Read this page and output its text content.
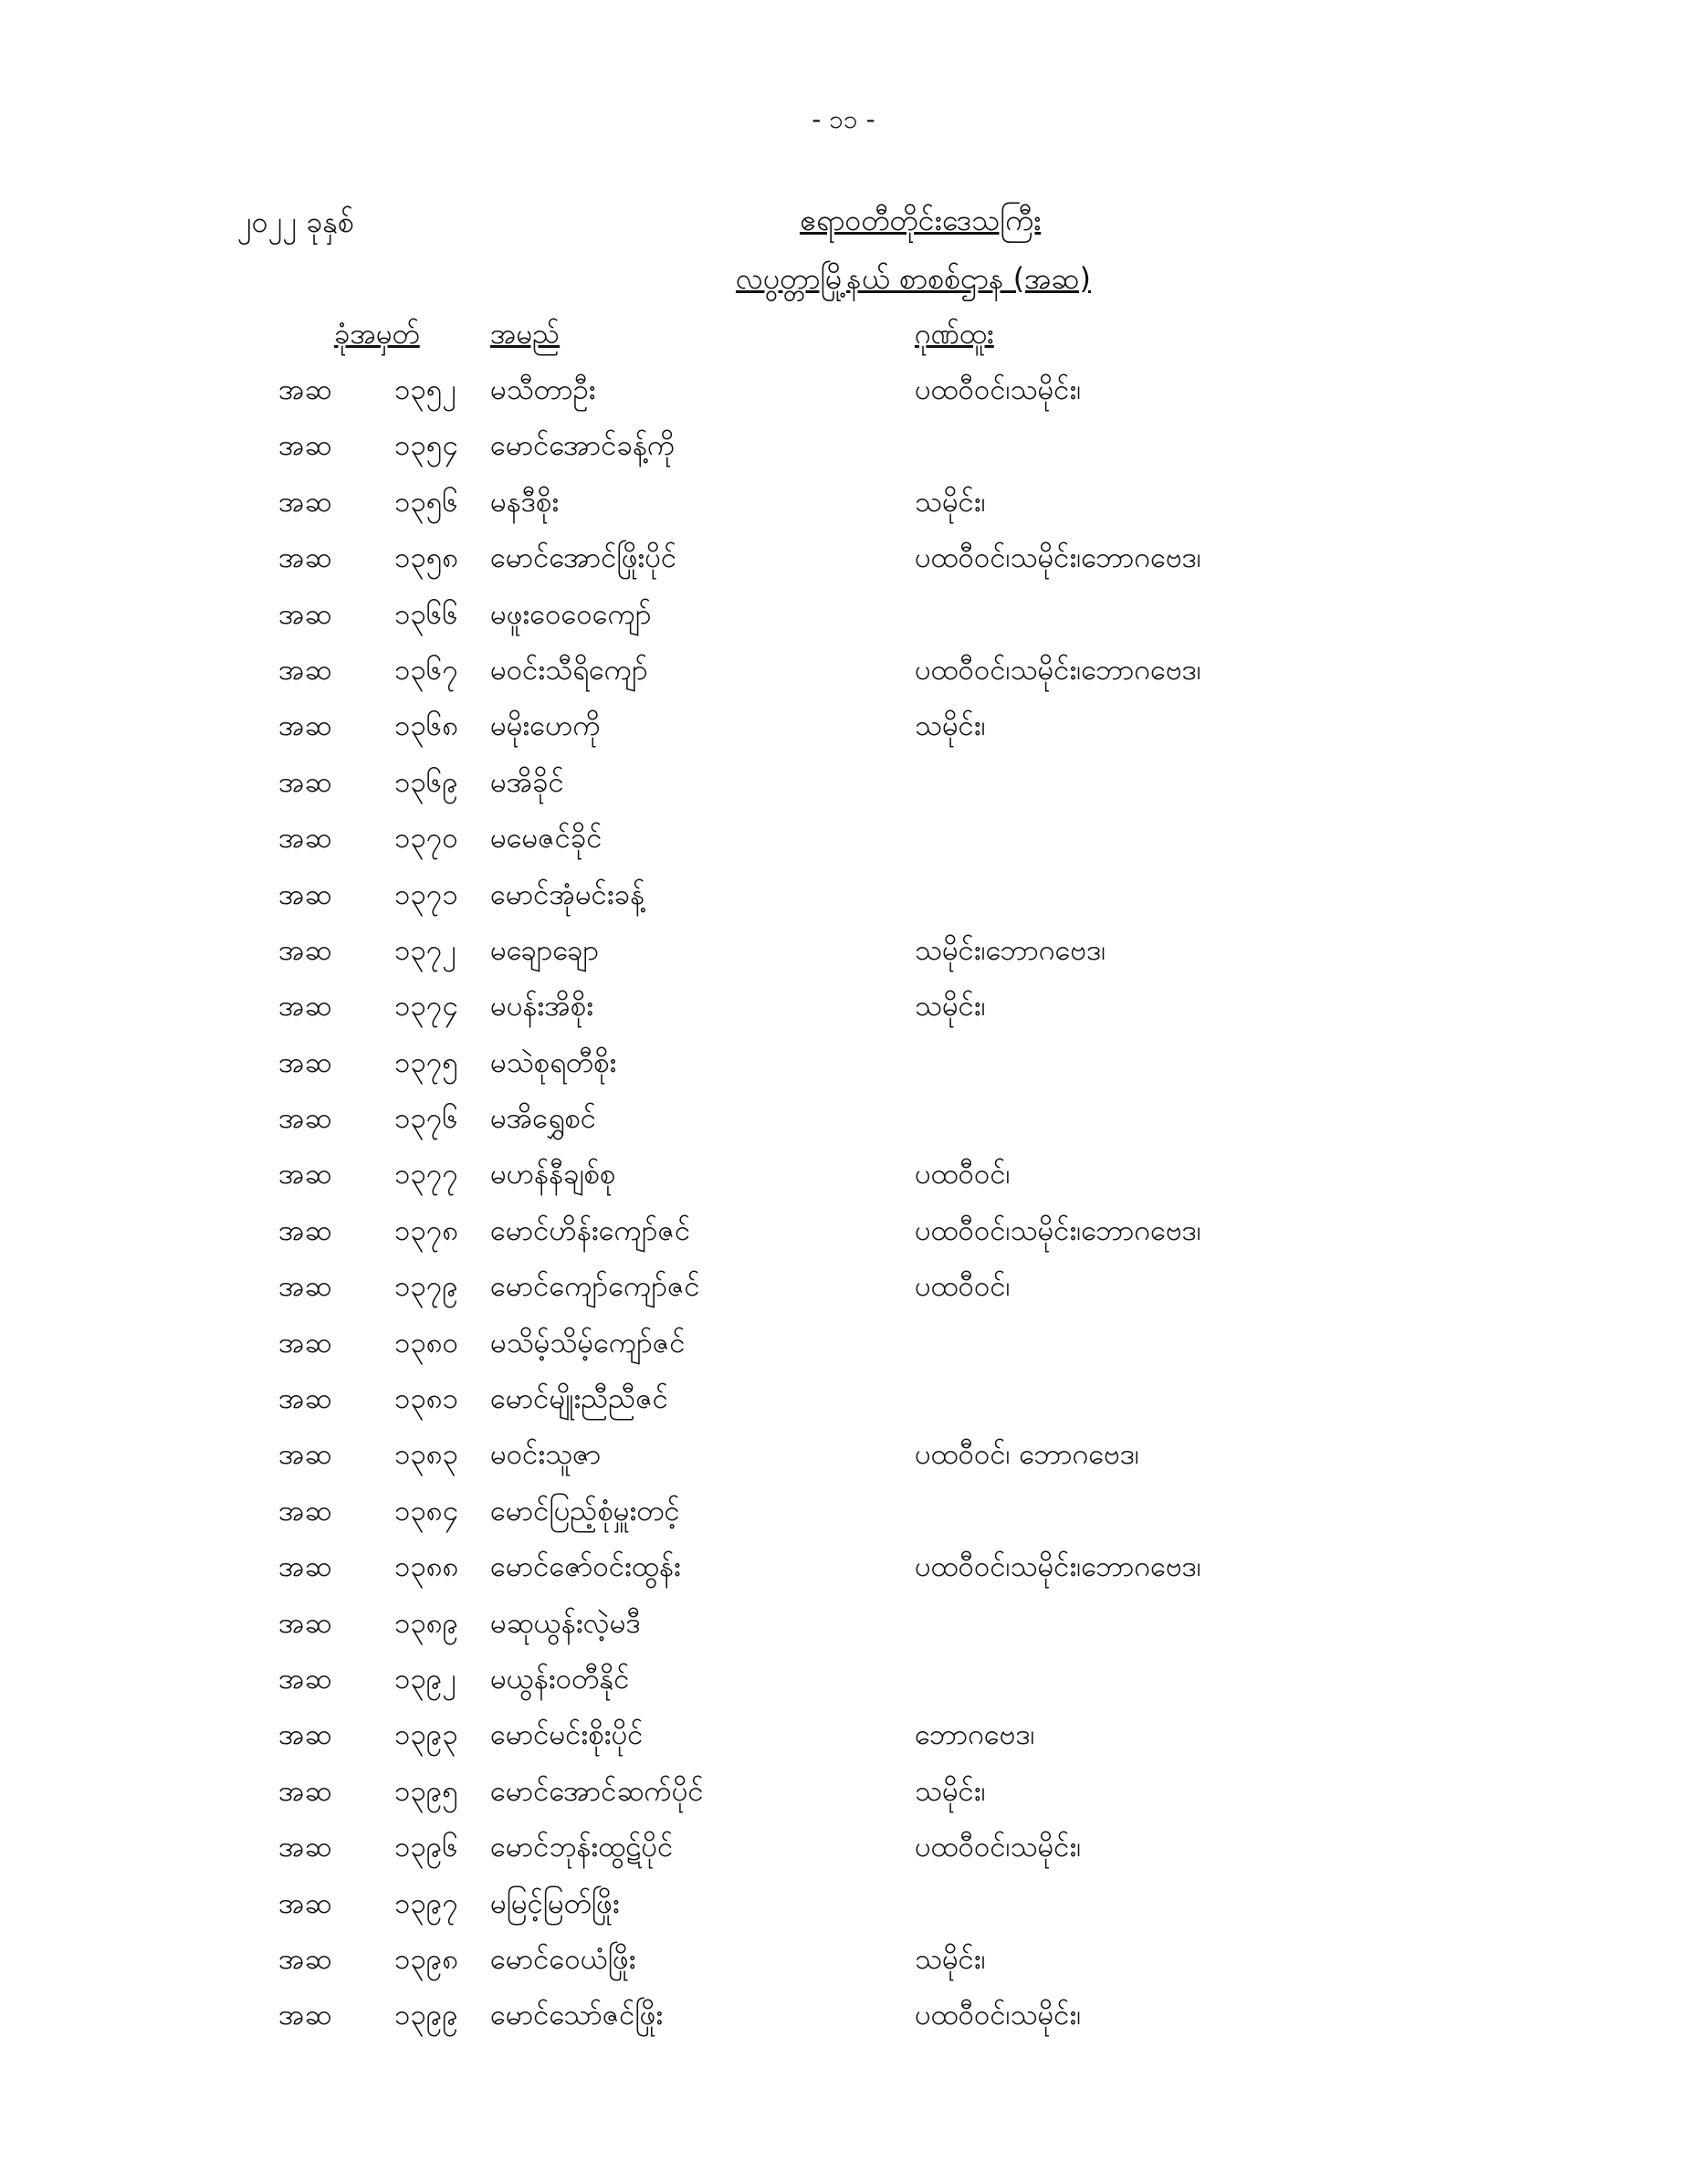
- ၁၁ -
၂၀၂၂ ခုနှစ်	ဧရာဝတီတိုင်းဒေသကြီး
လပွတ္တာမြို့နယ် စာစစ်ဌာန (အဆ)
ခုံအမှတ် အမည်	ဂုဏ်ထူး
အဆ ၁၃၅၂ မသီတာဦး	ပထဝီဝင်၊သမိုင်း၊
အဆ ၁၃၅၄ မောင်အောင်ခန့်ကို
အဆ ၁၃၅၆ မနဒီစိုး	သမိုင်း၊
အဆ ၁၃၅၈ မောင်အောင်ဖြိုးပိုင်	ပထဝီဝင်၊သမိုင်း၊ဘောဂဗေဒ၊
အဆ ၁၃၆၆ မဖူးဝေဝေကျော်
အဆ ၁၃၆၇ မဝင်းသီရိကျော်	ပထဝီဝင်၊သမိုင်း၊ဘောဂဗေဒ၊
အဆ ၁၃၆၈ မမိုးဟေကို	သမိုင်း၊
အဆ ၁၃၆၉ မအိခိုင်
အဆ ၁၃၇၀ မမေဇင်ခိုင်
အဆ ၁၃၇၁ မောင်အုံမင်းခန့်
အဆ ၁၃၇၂ မချောချော	သမိုင်း၊ဘောဂဗေဒ၊
အဆ ၁၃၇၄ မပန်းအိစိုး	သမိုင်း၊
အဆ ၁၃၇၅ မသဲစုရတီစိုး
အဆ ၁၃၇၆ မအိရွှေစင်
အဆ ၁၃၇၇ မဟန်နီချစ်စု	ပထဝီဝင်၊
အဆ ၁၃၇၈ မောင်ဟိန်းကျော်ဇင်	ပထဝီဝင်၊သမိုင်း၊ဘောဂဗေဒ၊
အဆ ၁၃၇၉ မောင်ကျော်ကျော်ဇင်	ပထဝီဝင်၊
အဆ ၁၃၈၀ မသိမ့်သိမ့်ကျော်ဇင်
အဆ ၁၃၈၁ မောင်မျိုးညီညီဇင်
အဆ ၁၃၈၃ မဝင်းသူဇာ	ပထဝီဝင်၊ ဘောဂဗေဒ၊
အဆ ၁၃၈၄ မောင်ပြည့်စုံမှူးတင့်
အဆ ၁၃၈၈ မောင်ဇော်ဝင်းထွန်း	ပထဝီဝင်၊သမိုင်း၊ဘောဂဗေဒ၊
အဆ ၁၃၈၉ မဆုယွန်းလဲ့မဒီ
အဆ ၁၃၉၂ မယွန်းဝတီနိုင်
အဆ ၁၃၉၃ မောင်မင်းစိုးပိုင်	ဘောဂဗေဒ၊
အဆ ၁၃၉၅ မောင်အောင်ဆက်ပိုင်	သမိုင်း၊
အဆ ၁၃၉၆ မောင်ဘုန်းထွဋ်ပိုင်	ပထဝီဝင်၊သမိုင်း၊
အဆ ၁၃၉၇ မမြင့်မြတ်ဖြိုး
အဆ ၁၃၉၈ မောင်ဝေယံဖြိုး	သမိုင်း၊
အဆ ၁၃၉၉ မောင်သော်ဇင်ဖြိုး	ပထဝီဝင်၊သမိုင်း၊
